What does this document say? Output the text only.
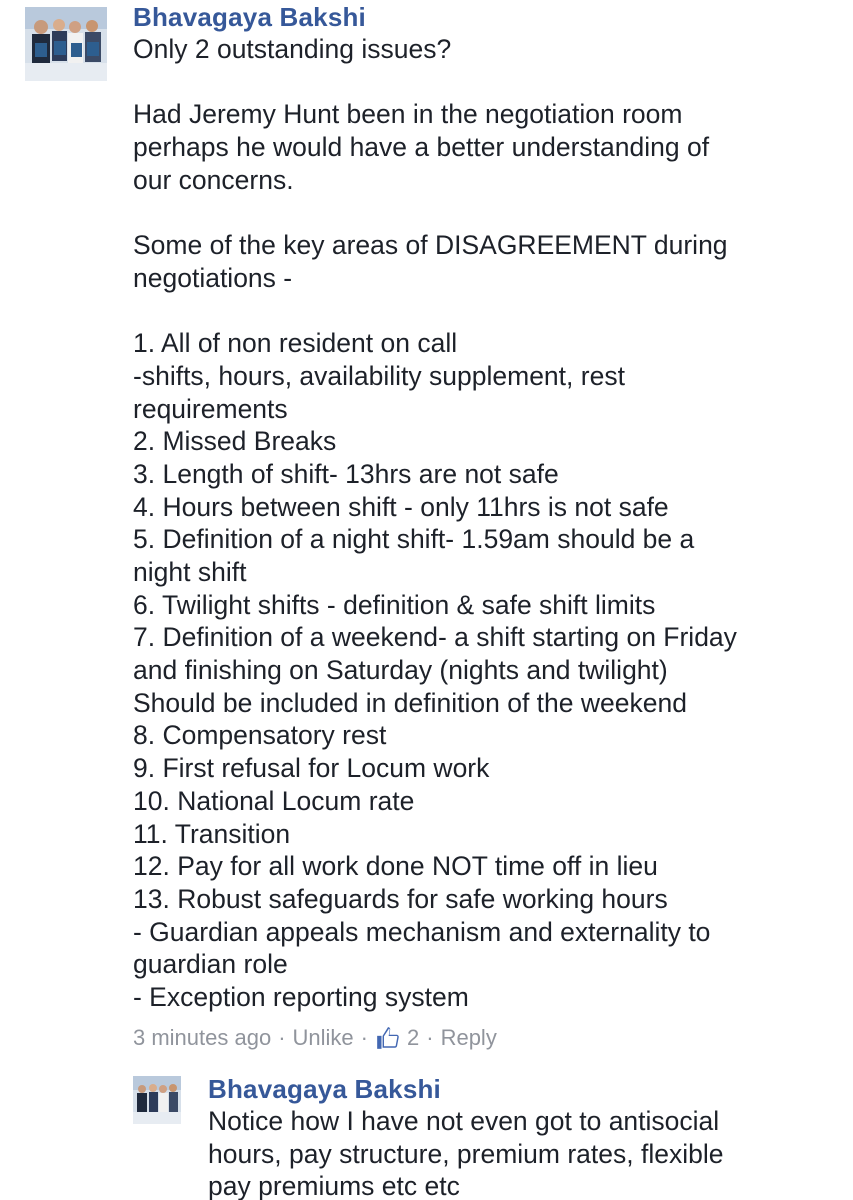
Bhavagaya Bakshi
Only 2 outstanding issues?
Had Jeremy Hunt been in the negotiation room
perhaps he would have a better understanding of
our concerns.
Some of the key areas of DISAGREEMENT during
negotiations -
1. All of non resident on call
-shifts, hours, availability supplement, rest
requirements
2. Missed Breaks
3. Length of shift- 13hrs are not safe
4. Hours between shift - only 11hrs is not safe
5. Definition of a night shift- 1.59am should be a
night shift
6. Twilight shifts - definition & safe shift limits
7. Definition of a weekend- a shift starting on Friday
and finishing on Saturday (nights and twilight)
Should be included in definition of the weekend
8. Compensatory rest
9. First refusal for Locum work
10. National Locum rate
11. Transition
12. Pay for all work done NOT time off in lieu
13. Robust safeguards for safe working hours
- Guardian appeals mechanism and externality to
guardian role
- Exception reporting system
3 minutes ago · Unlike · 2 · Reply
Bhavagaya Bakshi
Notice how I have not even got to antisocial
hours, pay structure, premium rates, flexible
pay premiums etc etc
